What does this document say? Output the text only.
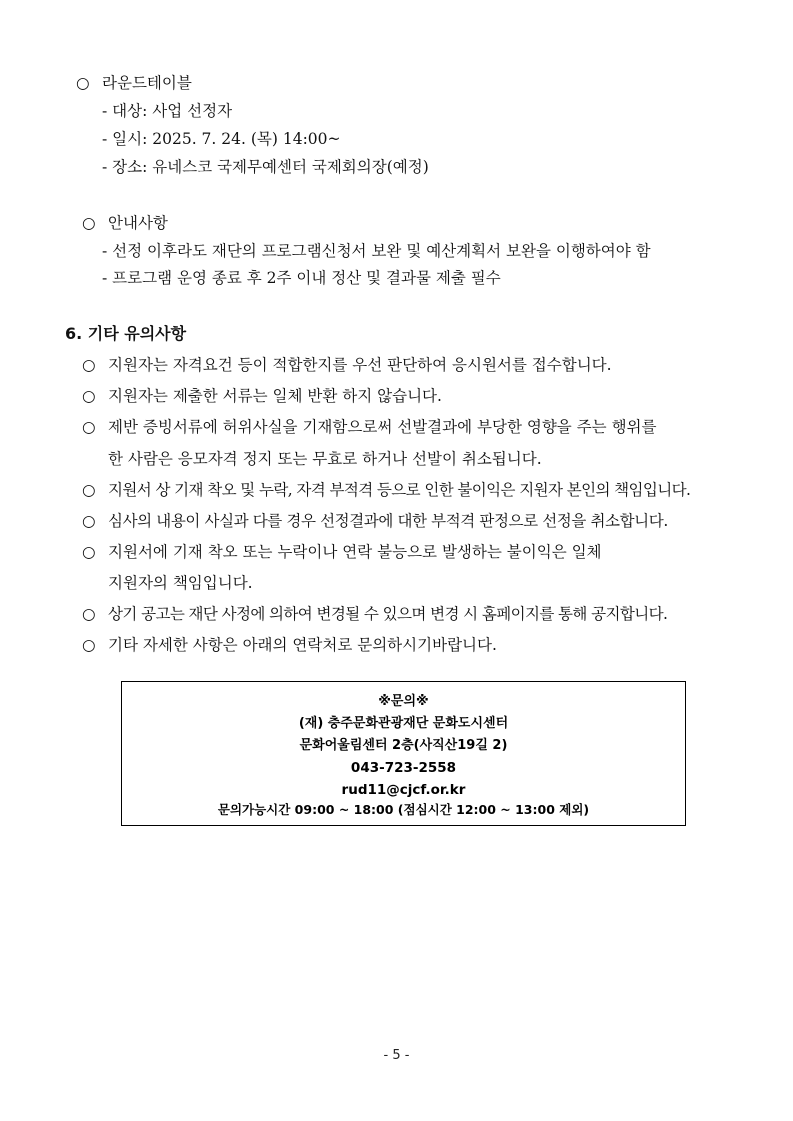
○ 라운드테이블
- 대상: 사업 선정자
- 일시: 2025. 7. 24. (목) 14:00~
- 장소: 유네스코 국제무예센터 국제회의장(예정)
○ 안내사항
- 선정 이후라도 재단의 프로그램신청서 보완 및 예산계획서 보완을 이행하여야 함
- 프로그램 운영 종료 후 2주 이내 정산 및 결과물 제출 필수
6. 기타 유의사항
○ 지원자는 자격요건 등이 적합한지를 우선 판단하여 응시원서를 접수합니다.
○ 지원자는 제출한 서류는 일체 반환 하지 않습니다.
○ 제반 증빙서류에 허위사실을 기재함으로써 선발결과에 부당한 영향을 주는 행위를
한 사람은 응모자격 정지 또는 무효로 하거나 선발이 취소됩니다.
○ 지원서 상 기재 착오 및 누락, 자격 부적격 등으로 인한 불이익은 지원자 본인의 책임입니다.
○ 심사의 내용이 사실과 다를 경우 선정결과에 대한 부적격 판정으로 선정을 취소합니다.
○ 지원서에 기재 착오 또는 누락이나 연락 불능으로 발생하는 불이익은 일체
지원자의 책임입니다.
○ 상기 공고는 재단 사정에 의하여 변경될 수 있으며 변경 시 홈페이지를 통해 공지합니다.
○ 기타 자세한 사항은 아래의 연락처로 문의하시기바랍니다.
※문의※
(재) 충주문화관광재단 문화도시센터
문화어울림센터 2층(사직산19길 2)
043-723-2558
rud11@cjcf.or.kr
문의가능시간 09:00 ~ 18:00 (점심시간 12:00 ~ 13:00 제외)
- 5 -
